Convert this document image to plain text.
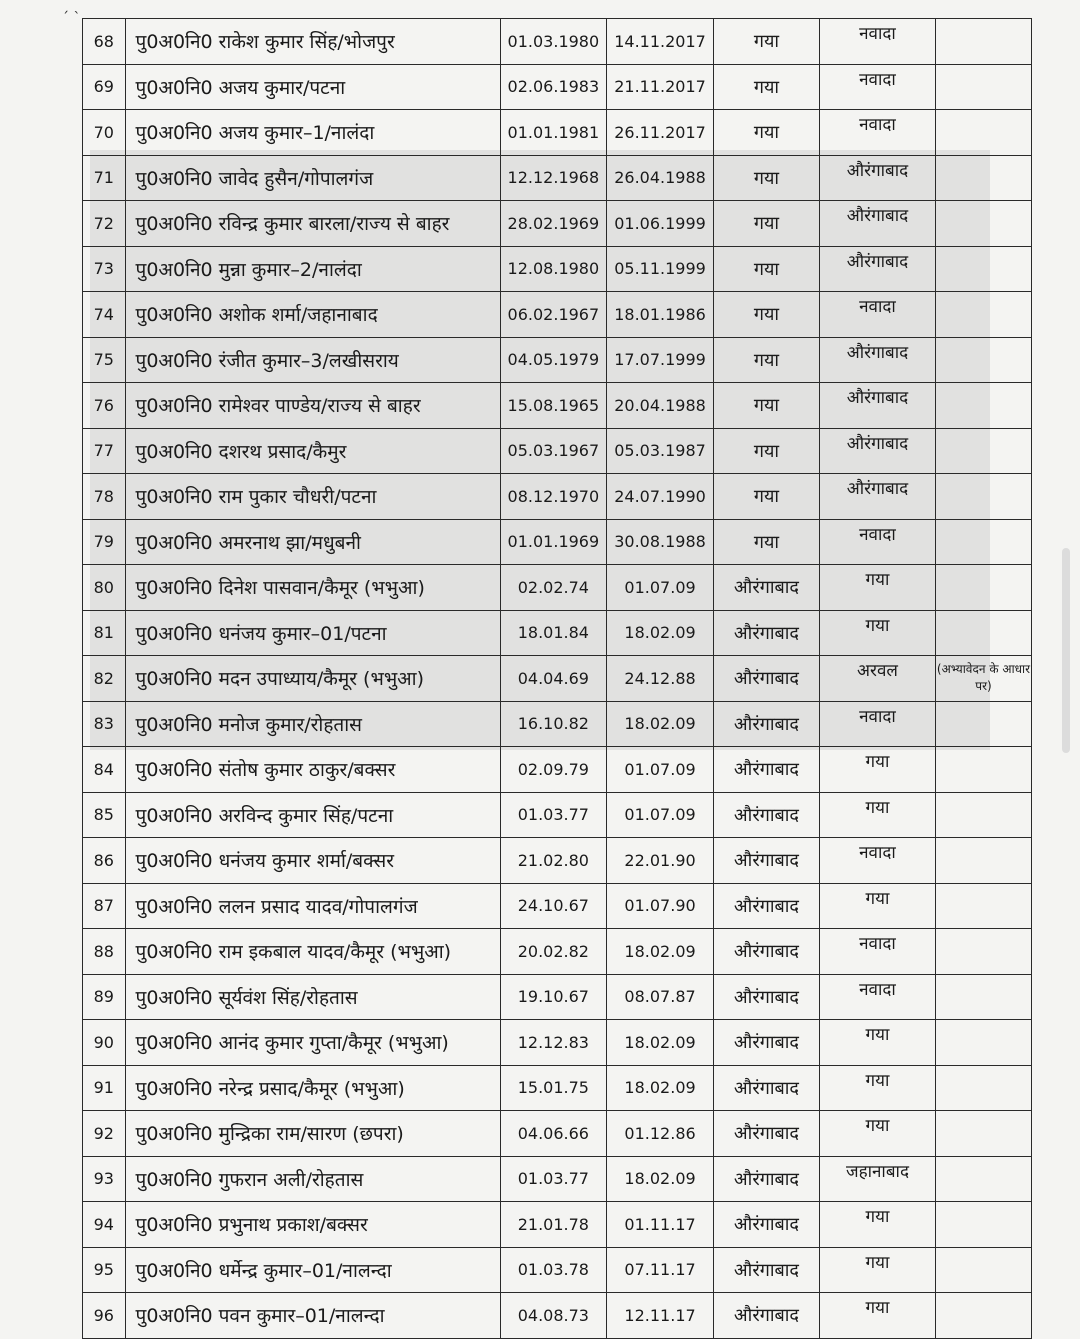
ˏ ˎ
68	पु0अ0नि0 राकेश कुमार सिंह/भोजपुर	01.03.1980	14.11.2017	गया	नवादा	
69	पु0अ0नि0 अजय कुमार/पटना	02.06.1983	21.11.2017	गया	नवादा	
70	पु0अ0नि0 अजय कुमार–1/नालंदा	01.01.1981	26.11.2017	गया	नवादा	
71	पु0अ0नि0 जावेद हुसैन/गोपालगंज	12.12.1968	26.04.1988	गया	औरंगाबाद	
72	पु0अ0नि0 रविन्द्र कुमार बारला/राज्य से बाहर	28.02.1969	01.06.1999	गया	औरंगाबाद	
73	पु0अ0नि0 मुन्ना कुमार–2/नालंदा	12.08.1980	05.11.1999	गया	औरंगाबाद	
74	पु0अ0नि0 अशोक शर्मा/जहानाबाद	06.02.1967	18.01.1986	गया	नवादा	
75	पु0अ0नि0 रंजीत कुमार–3/लखीसराय	04.05.1979	17.07.1999	गया	औरंगाबाद	
76	पु0अ0नि0 रामेश्वर पाण्डेय/राज्य से बाहर	15.08.1965	20.04.1988	गया	औरंगाबाद	
77	पु0अ0नि0 दशरथ प्रसाद/कैमुर	05.03.1967	05.03.1987	गया	औरंगाबाद	
78	पु0अ0नि0 राम पुकार चौधरी/पटना	08.12.1970	24.07.1990	गया	औरंगाबाद	
79	पु0अ0नि0 अमरनाथ झा/मधुबनी	01.01.1969	30.08.1988	गया	नवादा	
80	पु0अ0नि0 दिनेश पासवान/कैमूर (भभुआ)	02.02.74	01.07.09	औरंगाबाद	गया	
81	पु0अ0नि0 धनंजय कुमार–01/पटना	18.01.84	18.02.09	औरंगाबाद	गया	
82	पु0अ0नि0 मदन उपाध्याय/कैमूर (भभुआ)	04.04.69	24.12.88	औरंगाबाद	अरवल	(अभ्यावेदन के आधार पर)
83	पु0अ0नि0 मनोज कुमार/रोहतास	16.10.82	18.02.09	औरंगाबाद	नवादा	
84	पु0अ0नि0 संतोष कुमार ठाकुर/बक्सर	02.09.79	01.07.09	औरंगाबाद	गया	
85	पु0अ0नि0 अरविन्द कुमार सिंह/पटना	01.03.77	01.07.09	औरंगाबाद	गया	
86	पु0अ0नि0 धनंजय कुमार शर्मा/बक्सर	21.02.80	22.01.90	औरंगाबाद	नवादा	
87	पु0अ0नि0 ललन प्रसाद यादव/गोपालगंज	24.10.67	01.07.90	औरंगाबाद	गया	
88	पु0अ0नि0 राम इकबाल यादव/कैमूर (भभुआ)	20.02.82	18.02.09	औरंगाबाद	नवादा	
89	पु0अ0नि0 सूर्यवंश सिंह/रोहतास	19.10.67	08.07.87	औरंगाबाद	नवादा	
90	पु0अ0नि0 आनंद कुमार गुप्ता/कैमूर (भभुआ)	12.12.83	18.02.09	औरंगाबाद	गया	
91	पु0अ0नि0 नरेन्द्र प्रसाद/कैमूर (भभुआ)	15.01.75	18.02.09	औरंगाबाद	गया	
92	पु0अ0नि0 मुन्द्रिका राम/सारण (छपरा)	04.06.66	01.12.86	औरंगाबाद	गया	
93	पु0अ0नि0 गुफरान अली/रोहतास	01.03.77	18.02.09	औरंगाबाद	जहानाबाद	
94	पु0अ0नि0 प्रभुनाथ प्रकाश/बक्सर	21.01.78	01.11.17	औरंगाबाद	गया	
95	पु0अ0नि0 धर्मेन्द्र कुमार–01/नालन्दा	01.03.78	07.11.17	औरंगाबाद	गया	
96	पु0अ0नि0 पवन कुमार–01/नालन्दा	04.08.73	12.11.17	औरंगाबाद	गया	
